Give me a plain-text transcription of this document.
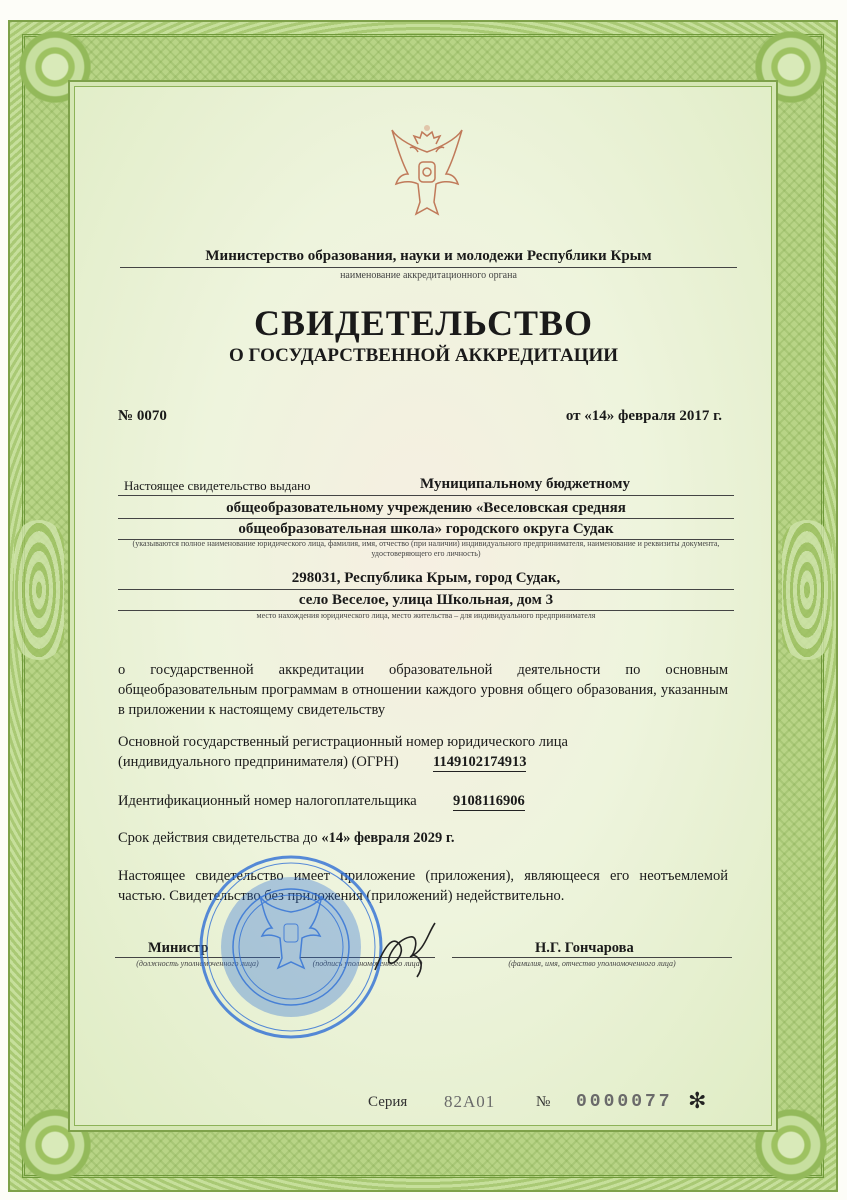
Министерство образования, науки и молодежи Республики Крым
наименование аккредитационного органа
СВИДЕТЕЛЬСТВО
О ГОСУДАРСТВЕННОЙ АККРЕДИТАЦИИ
№ 0070	от «14» февраля 2017 г.
Настоящее свидетельство выдано	Муниципальному бюджетному
общеобразовательному учреждению «Веселовская средняя
общеобразовательная школа» городского округа Судак
(указываются полное наименование юридического лица, фамилия, имя, отчество (при наличии) индивидуального предпринимателя, наименование и реквизиты документа, удостоверяющего его личность)
298031, Республика Крым, город Судак,
село Веселое, улица Школьная, дом 3
место нахождения юридического лица, место жительства – для индивидуального предпринимателя
о государственной аккредитации образовательной деятельности по основным общеобразовательным программам в отношении каждого уровня общего образования, указанным в приложении к настоящему свидетельству
Основной государственный регистрационный номер юридического лица
(индивидуального предпринимателя) (ОГРН) 1149102174913
Идентификационный номер налогоплательщика	9108116906
Срок действия свидетельства до «14» февраля 2029 г.
Настоящее свидетельство имеет приложение (приложения), являющееся его неотъемлемой частью. Свидетельство без приложения (приложений) недействительно.
Министр
(должность уполномоченного лица)	(подпись уполномоченного лица)
Н.Г. Гончарова
(фамилия, имя, отчество уполномоченного лица)
Серия 82А01	№ 0000077 ✻
